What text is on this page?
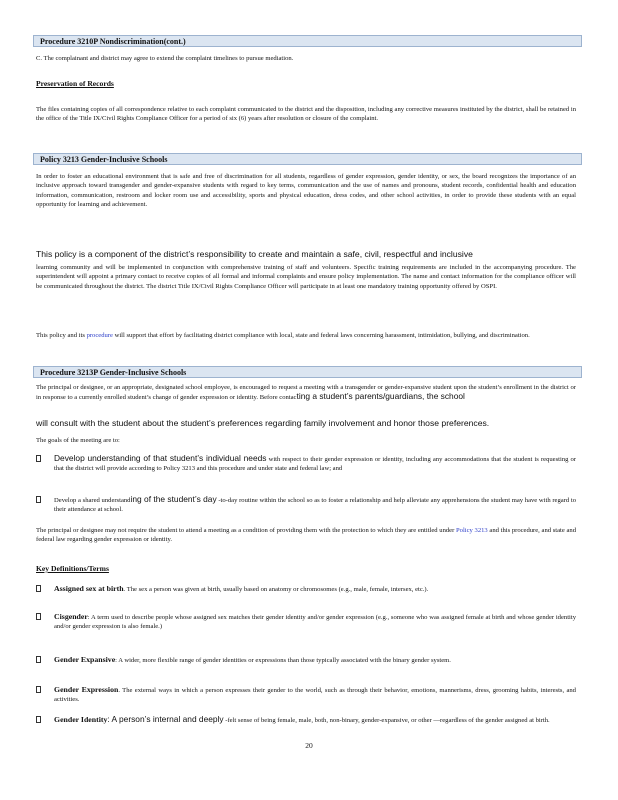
Procedure 3210P Nondiscrimination(cont.)

C. The complainant and district may agree to extend the complaint timelines to pursue mediation.

Preservation of Records

The files containing copies of all correspondence relative to each complaint communicated to the district and the disposition, including any corrective measures instituted by the district, shall be retained in the office of the Title IX/Civil Rights Compliance Officer for a period of six (6) years after resolution or closure of the complaint.

Policy 3213 Gender-Inclusive Schools

In order to foster an educational environment that is safe and free of discrimination for all students, regardless of gender expression, gender identity, or sex, the board recognizes the importance of an inclusive approach toward transgender and gender-expansive students with regard to key terms, communication and the use of names and pronouns, student records, confidential health and education information, communication, restroom and locker room use and accessibility, sports and physical education, dress codes, and other school activities, in order to provide these students with an equal opportunity for learning and achievement.

This policy is a component of the district’s responsibility to create and maintain a safe, civil, respectful and inclusive

learning community and will be implemented in conjunction with comprehensive training of staff and volunteers. Specific training requirements are included in the accompanying procedure. The superintendent will appoint a primary contact to receive copies of all formal and informal complaints and ensure policy implementation. The name and contact information for the compliance officer will be communicated throughout the district. The district Title IX/Civil Rights Compliance Officer will participate in at least one mandatory training opportunity offered by OSPI.

This policy and its procedure will support that effort by facilitating district compliance with local, state and federal laws concerning harassment, intimidation, bullying, and discrimination.

Procedure 3213P Gender-Inclusive Schools

The principal or designee, or an appropriate, designated school employee, is encouraged to request a meeting with a transgender or gender-expansive student upon the student’s enrollment in the district or in response to a currently enrolled student’s change of gender expression or identity. Before contacting a student’s parents/guardians, the school

will consult with the student about the student’s preferences regarding family involvement and honor those preferences.

The goals of the meeting are to:

Develop understanding of that student’s individual needs with respect to their gender expression or identity, including any accommodations that the student is requesting or that the district will provide according to Policy 3213 and this procedure and under state and federal law; and

Develop a shared understanding of the student’s day -to-day routine within the school so as to foster a relationship and help alleviate any apprehensions the student may have with regard to their attendance at school.

The principal or designee may not require the student to attend a meeting as a condition of providing them with the protection to which they are entitled under Policy 3213 and this procedure, and state and federal law regarding gender expression or identity.

Key Definitions/Terms

Assigned sex at birth. The sex a person was given at birth, usually based on anatomy or chromosomes (e.g., male, female, intersex, etc.).

Cisgender: A term used to describe people whose assigned sex matches their gender identity and/or gender expression (e.g., someone who was assigned female at birth and whose gender identity and/or gender expression is also female.)

Gender Expansive: A wider, more flexible range of gender identities or expressions than those typically associated with the binary gender system.

Gender Expression. The external ways in which a person expresses their gender to the world, such as through their behavior, emotions, mannerisms, dress, grooming habits, interests, and activities.

Gender Identity: A person’s internal and deeply -felt sense of being female, male, both, non-binary, gender-expansive, or other —regardless of the gender assigned at birth.

20
